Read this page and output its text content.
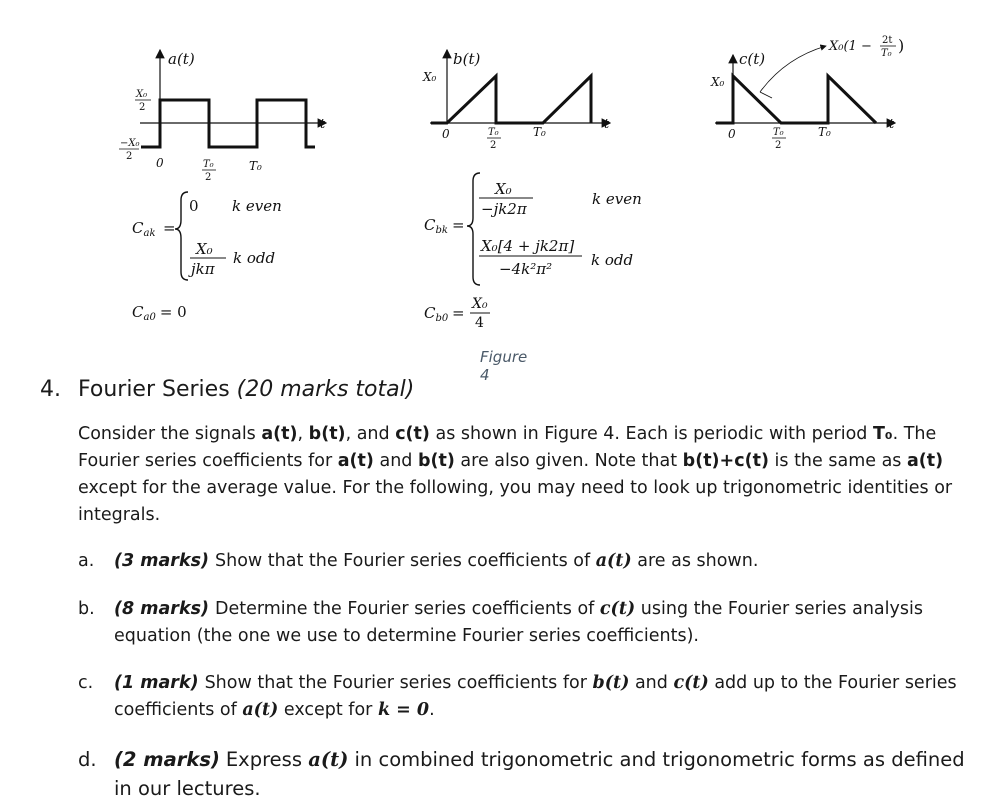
a(t)
t
X₀
2
−X₀
2 0	T₀
2
T₀
$C_{ak}$ =
0 k even
X₀
jkπ
k odd
$C_{a0} = 0$
b(t)
t
X₀
0	T₀
2
T₀
$C_{bk}$ =
X₀
−jk2π
k even
X₀[4 + jk2π]
−4k²π²	k odd
$C_{b0} = X_0$
4
c(t)
t
X₀
0	T₀
2
T₀
X₀(1 − 2t
T₀ )
Figure 4
4. Fourier Series (20 marks total)
Consider the signals a(t), b(t), and c(t) as shown in Figure 4. Each is periodic with period T₀. The Fourier series coefficients for a(t) and b(t) are also given. Note that b(t)+c(t) is the same as a(t) except for the average value. For the following, you may need to look up trigonometric identities or integrals.
a. (3 marks) Show that the Fourier series coefficients of a(t) are as shown.
b. (8 marks) Determine the Fourier series coefficients of c(t) using the Fourier series analysis equation (the one we use to determine Fourier series coefficients).
c. (1 mark) Show that the Fourier series coefficients for b(t) and c(t) add up to the Fourier series coefficients of a(t) except for k = 0.
d. (2 marks) Express a(t) in combined trigonometric and trigonometric forms as defined in our lectures.
